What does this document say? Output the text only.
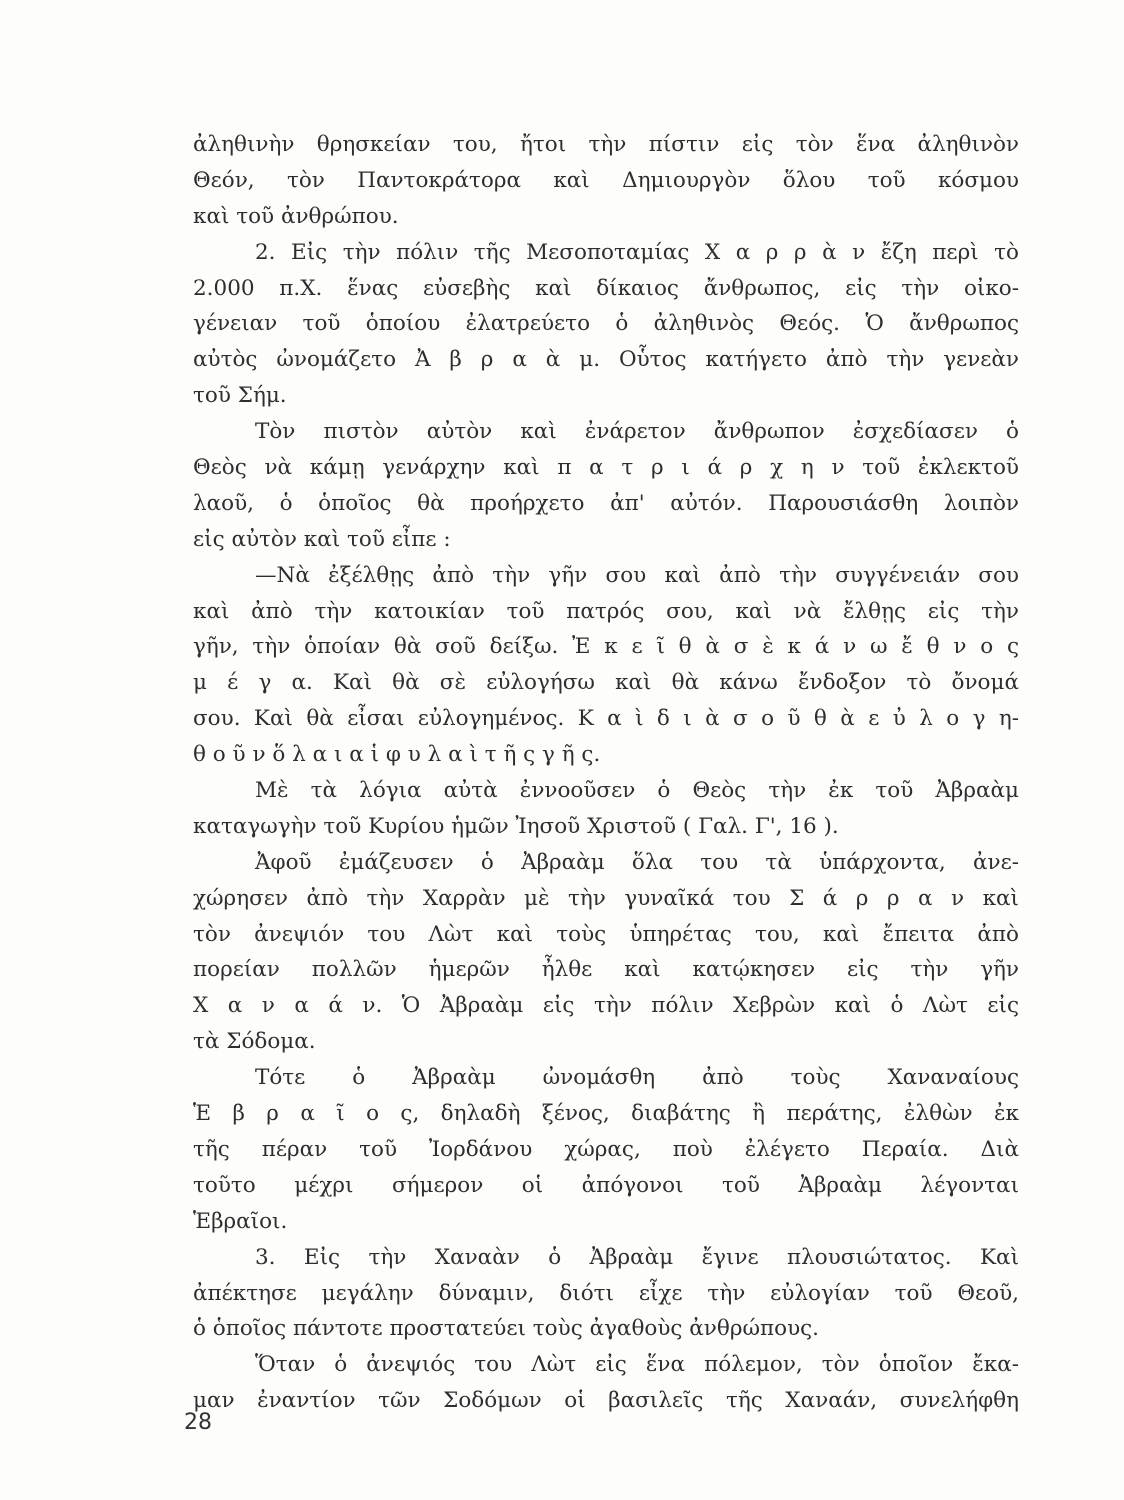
ἀληθινὴν θρησκείαν του, ἤτοι τὴν πίστιν εἰς τὸν ἕνα ἀληθινὸν
Θεόν, τὸν Παντοκράτορα καὶ Δημιουργὸν ὅλου τοῦ κόσμου
καὶ τοῦ ἀνθρώπου.
2. Εἰς τὴν πόλιν τῆς Μεσοποταμίας Χ α ρ ρ ὰ ν ἔζη περὶ τὸ
2.000 π.Χ. ἕνας εὐσεβὴς καὶ δίκαιος ἄνθρωπος, εἰς τὴν οἰκο-
γένειαν τοῦ ὁποίου ἐλατρεύετο ὁ ἀληθινὸς Θεός. Ὁ ἄνθρωπος
αὐτὸς ὠνομάζετο Ἀ β ρ α ὰ μ. Οὗτος κατήγετο ἀπὸ τὴν γενεὰν
τοῦ Σήμ.
Τὸν πιστὸν αὐτὸν καὶ ἐνάρετον ἄνθρωπον ἐσχεδίασεν ὁ
Θεὸς νὰ κάμῃ γενάρχην καὶ π α τ ρ ι ά ρ χ η ν τοῦ ἐκλεκτοῦ
λαοῦ, ὁ ὁποῖος θὰ προήρχετο ἀπ' αὐτόν. Παρουσιάσθη λοιπὸν
εἰς αὐτὸν καὶ τοῦ εἶπε :
—Νὰ ἐξέλθῃς ἀπὸ τὴν γῆν σου καὶ ἀπὸ τὴν συγγένειάν σου
καὶ ἀπὸ τὴν κατοικίαν τοῦ πατρός σου, καὶ νὰ ἔλθῃς εἰς τὴν
γῆν, τὴν ὁποίαν θὰ σοῦ δείξω. Ἐ κ ε ῖ θ ὰ σ ὲ κ ά ν ω ἔ θ ν ο ς
μ έ γ α. Καὶ θὰ σὲ εὐλογήσω καὶ θὰ κάνω ἔνδοξον τὸ ὄνομά
σου. Καὶ θὰ εἶσαι εὐλογημένος. Κ α ὶ δ ι ὰ σ ο ῦ θ ὰ ε ὐ λ ο γ η-
θ ο ῦ ν ὅ λ α ι α ἱ φ υ λ α ὶ τ ῆ ς γ ῆ ς.
Μὲ τὰ λόγια αὐτὰ ἐννοοῦσεν ὁ Θεὸς τὴν ἐκ τοῦ Ἀβραὰμ
καταγωγὴν τοῦ Κυρίου ἡμῶν Ἰησοῦ Χριστοῦ ( Γαλ. Γ', 16 ).
Ἀφοῦ ἐμάζευσεν ὁ Ἀβραὰμ ὅλα του τὰ ὑπάρχοντα, ἀνε-
χώρησεν ἀπὸ τὴν Χαρρὰν μὲ τὴν γυναῖκά του Σ ά ρ ρ α ν καὶ
τὸν ἀνεψιόν του Λὼτ καὶ τοὺς ὑπηρέτας του, καὶ ἔπειτα ἀπὸ
πορείαν πολλῶν ἡμερῶν ἦλθε καὶ κατῴκησεν εἰς τὴν γῆν
Χ α ν α ά ν. Ὁ Ἀβραὰμ εἰς τὴν πόλιν Χεβρὼν καὶ ὁ Λὼτ εἰς
τὰ Σόδομα.
Τότε ὁ Ἀβραὰμ ὠνομάσθη ἀπὸ τοὺς Χαναναίους
Ἑ β ρ α ῖ ο ς, δηλαδὴ ξένος, διαβάτης ἢ περάτης, ἐλθὼν ἐκ
τῆς πέραν τοῦ Ἰορδάνου χώρας, ποὺ ἐλέγετο Περαία. Διὰ
τοῦτο μέχρι σήμερον οἱ ἀπόγονοι τοῦ Ἀβραὰμ λέγονται
Ἑβραῖοι.
3. Εἰς τὴν Χαναὰν ὁ Ἀβραὰμ ἔγινε πλουσιώτατος. Καὶ
ἀπέκτησε μεγάλην δύναμιν, διότι εἶχε τὴν εὐλογίαν τοῦ Θεοῦ,
ὁ ὁποῖος πάντοτε προστατεύει τοὺς ἀγαθοὺς ἀνθρώπους.
Ὅταν ὁ ἀνεψιός του Λὼτ εἰς ἕνα πόλεμον, τὸν ὁποῖον ἔκα-
μαν ἐναντίον τῶν Σοδόμων οἱ βασιλεῖς τῆς Χαναάν, συνελήφθη
28
